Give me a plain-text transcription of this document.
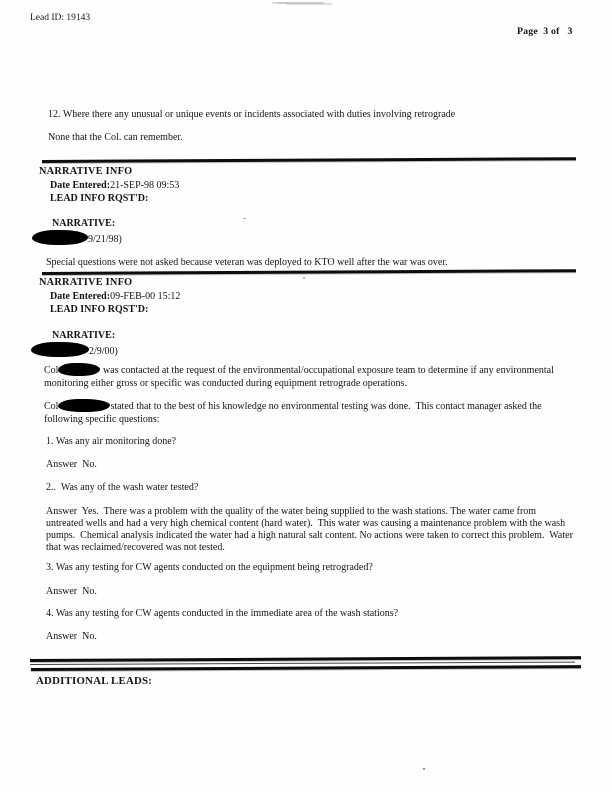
Lead ID: 19143
Page  3 of   3
12. Where there any unusual or unique events or incidents associated with duties involving retrograde
None that the Col. can remember.
NARRATIVE INFO
Date Entered:21-SEP-98 09:53
LEAD INFO RQST'D:
NARRATIVE:
9/21/98)
Special questions were not asked because veteran was deployed to KTO well after the war was over.
NARRATIVE INFO
Date Entered:09-FEB-00 15:12
LEAD INFO RQST'D:
NARRATIVE:
2/9/00)
Col	was contacted at the request of the environmental/occupational exposure team to determine if any environmental monitoring either gross or specific was conducted during equipment retrograde operations.
Col	stated that to the best of his knowledge no environmental testing was done.  This contact manager asked the following specific questions:
1. Was any air monitoring done?
Answer  No.
2..  Was any of the wash water tested?
Answer  Yes.  There was a problem with the quality of the water being supplied to the wash stations. The water came from untreated wells and had a very high chemical content (hard water).  This water was causing a maintenance problem with the wash pumps.  Chemical analysis indicated the water had a high natural salt content. No actions were taken to correct this problem.  Water that was reclaimed/recovered was not tested.
3. Was any testing for CW agents conducted on the equipment being retrograded?
Answer  No.
4. Was any testing for CW agents conducted in the immediate area of the wash stations?
Answer  No.
ADDITIONAL LEADS:
